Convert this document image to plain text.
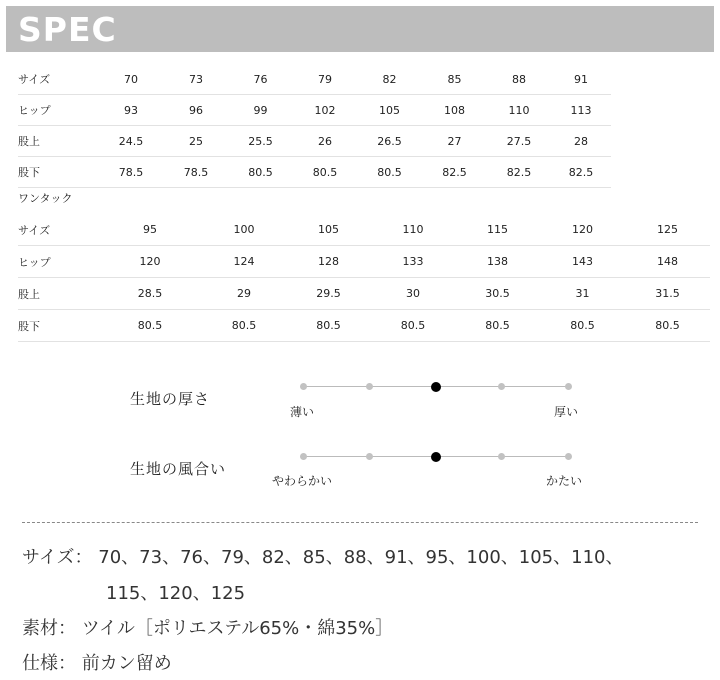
SPEC
サイズ	70	73	76	79	82	85	88	91	
ヒップ	93	96	99	102	105	108	110	113	
股上	24.5	25	25.5	26	26.5	27	27.5	28	
股下	78.5	78.5	80.5	80.5	80.5	82.5	82.5	82.5	
ワンタック
サイズ	95	100	105	110	115	120	125
ヒップ	120	124	128	133	138	143	148
股上	28.5	29	29.5	30	30.5	31	31.5
股下	80.5	80.5	80.5	80.5	80.5	80.5	80.5
生地の厚さ
薄い	厚い
生地の風合い
やわらかい	かたい
サイズ： 70、73、76、79、82、85、88、91、95、100、105、110、
115、120、125
素材： ツイル［ポリエステル65%・綿35%］
仕様： 前カン留め
